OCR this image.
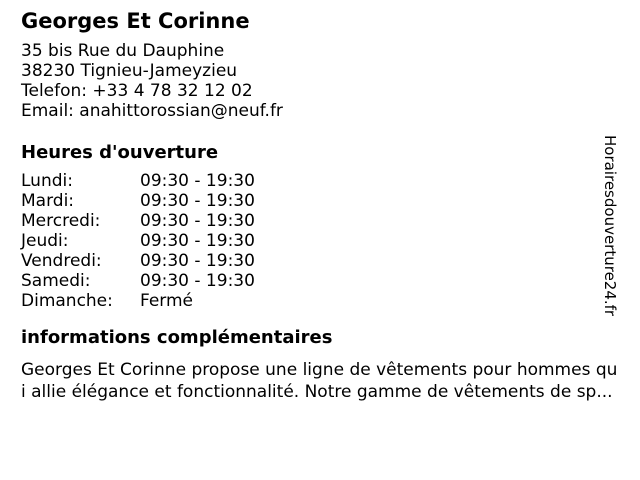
Georges Et Corinne
35 bis Rue du Dauphine
38230 Tignieu-Jameyzieu
Telefon: +33 4 78 32 12 02
Email: anahittorossian@neuf.fr
Heures d'ouverture
Lundi:	09:30 - 19:30
Mardi:	09:30 - 19:30
Mercredi:	09:30 - 19:30
Jeudi:	09:30 - 19:30
Vendredi:	09:30 - 19:30
Samedi:	09:30 - 19:30
Dimanche:	Fermé
informations complémentaires
Georges Et Corinne propose une ligne de vêtements pour hommes qu
i allie élégance et fonctionnalité. Notre gamme de vêtements de sp...
Horairesdouverture24.fr
